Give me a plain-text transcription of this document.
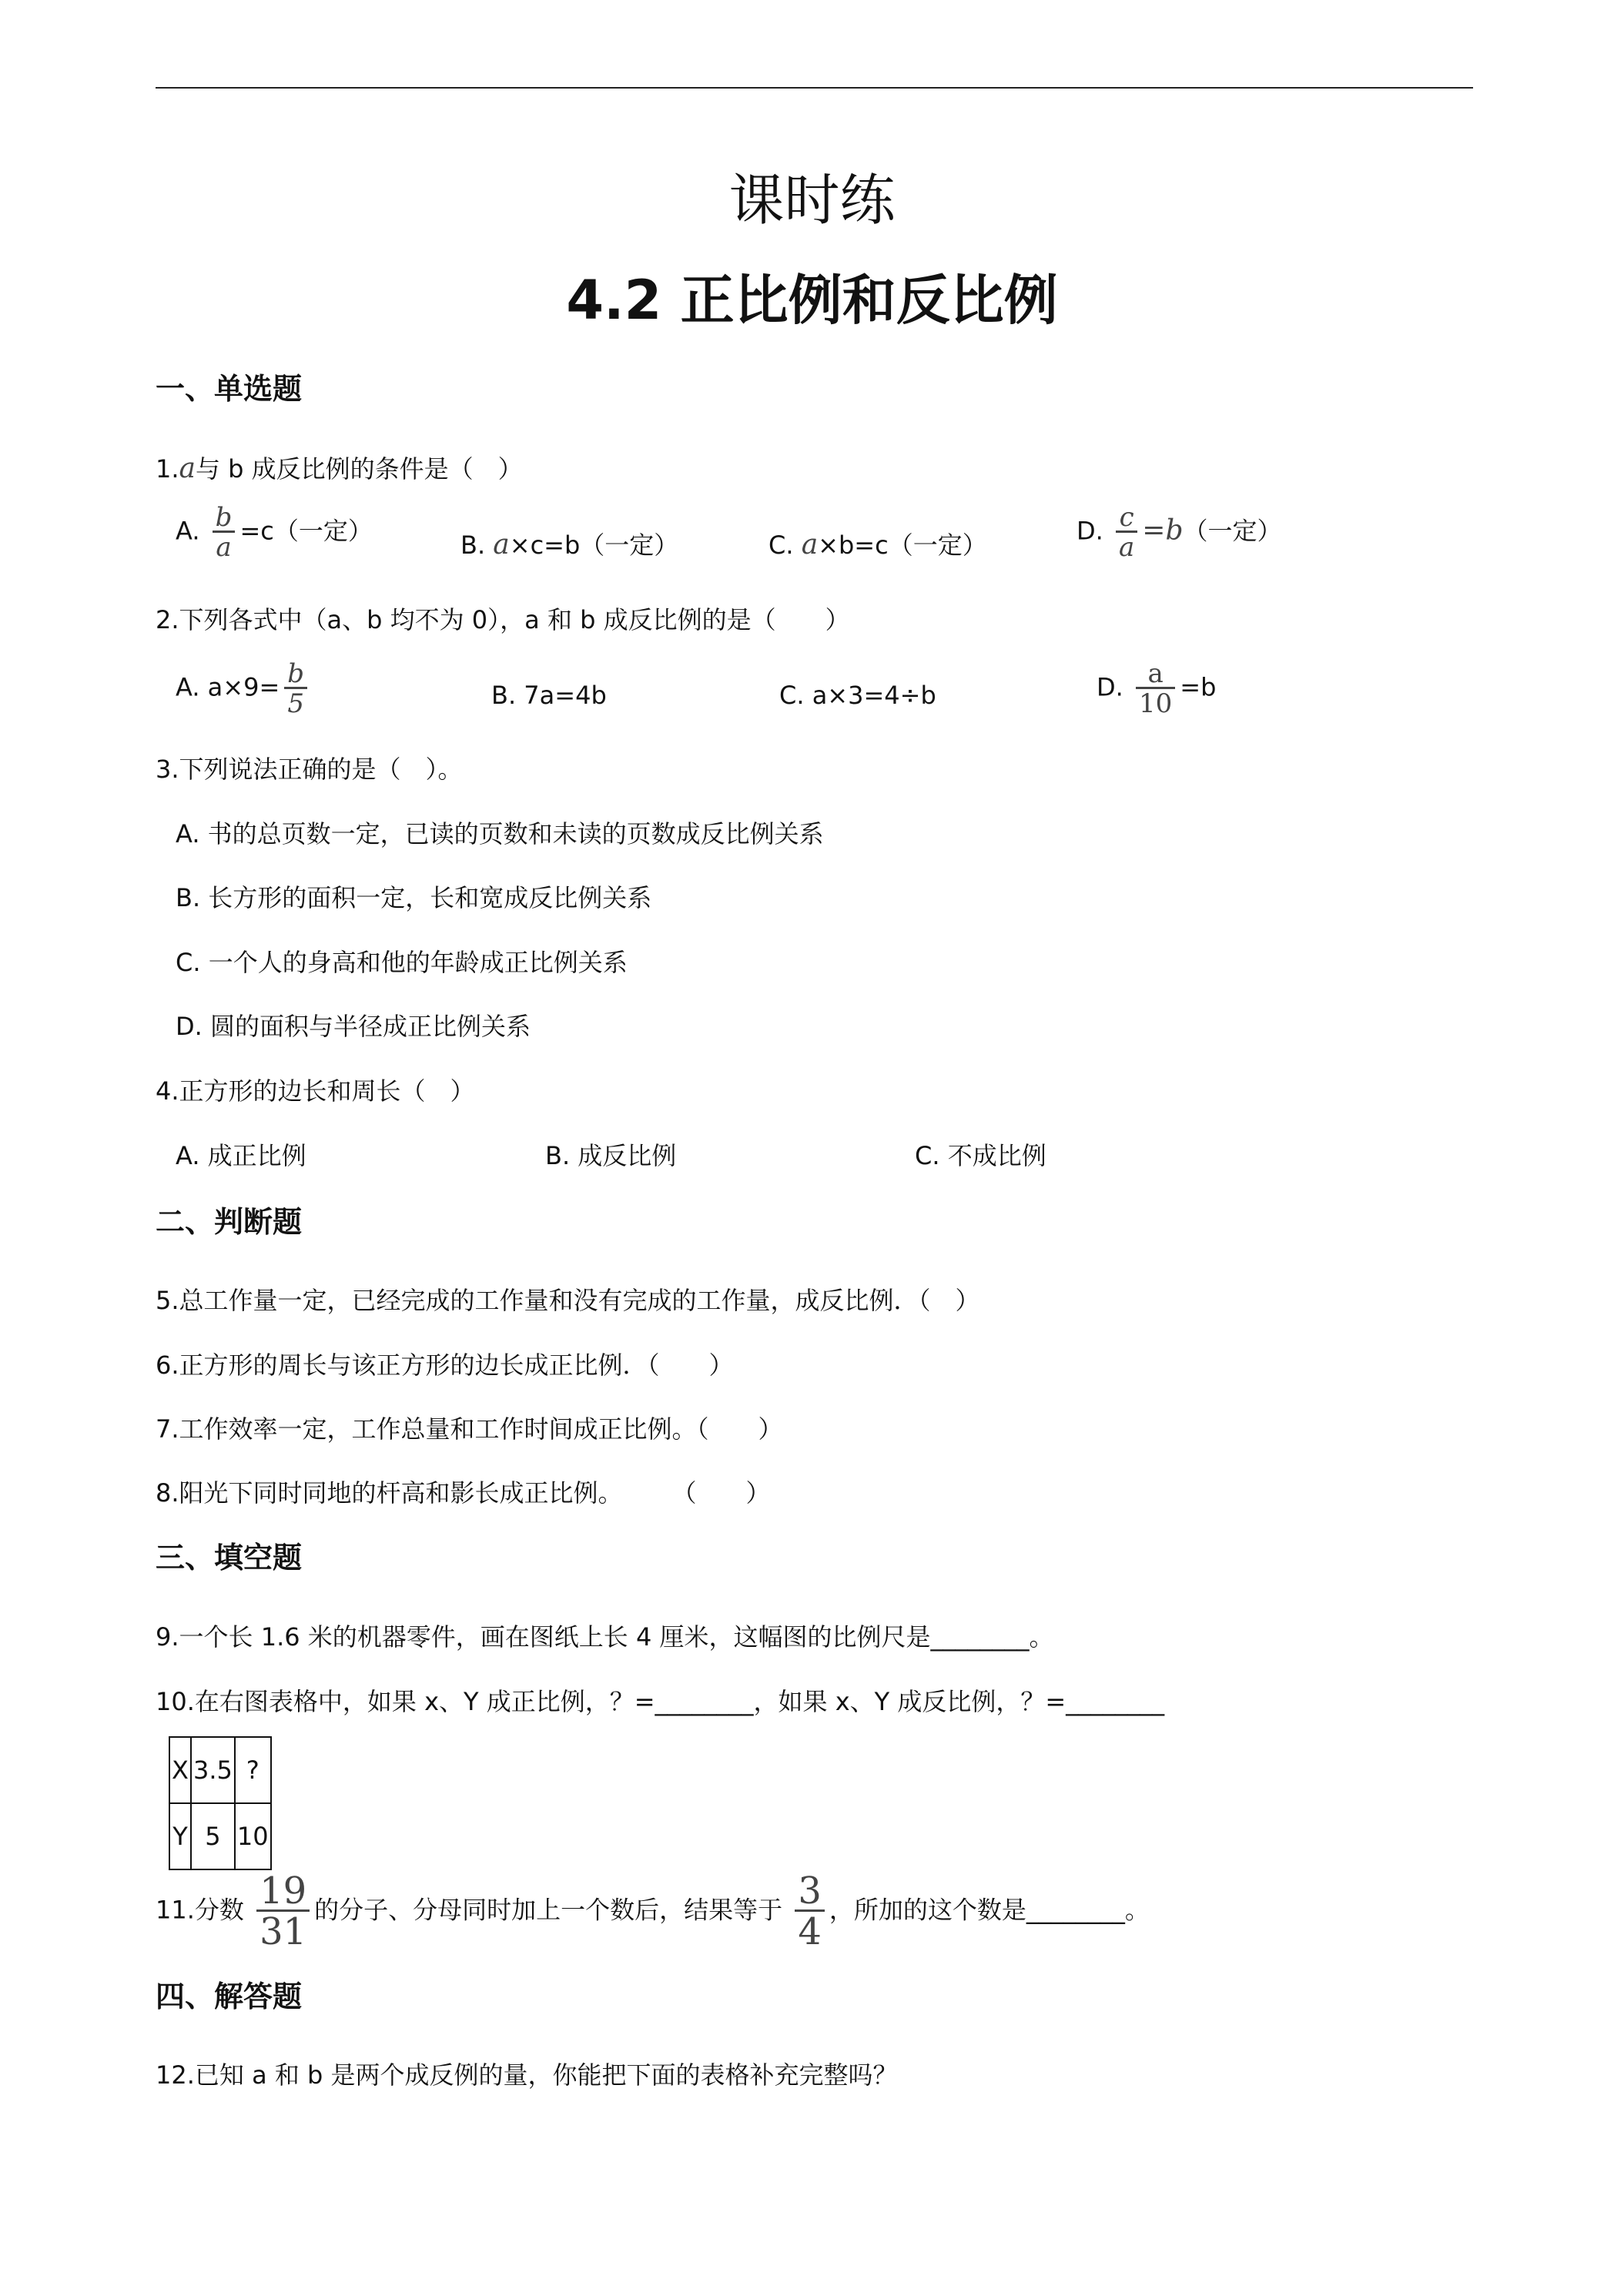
课时练
4.2 正比例和反比例
一、单选题
1.a与 b 成反比例的条件是（　）
A. $\frac{b}{a} =c$（一定）	B. a×c=b（一定）	C. a×b=c（一定）	D. $\frac{c}{a} =b$（一定）
2.下列各式中（a、b 均不为 0），a 和 b 成反比例的是（　　）
A. $a\times 9= \frac{b}{5}$	B. 7a=4b	C. a×3=4÷b	D. $\frac{a}{10} =b$
3.下列说法正确的是（　）。
A. 书的总页数一定，已读的页数和未读的页数成反比例关系
B. 长方形的面积一定，长和宽成反比例关系
C. 一个人的身高和他的年龄成正比例关系
D. 圆的面积与半径成正比例关系
4.正方形的边长和周长（　）
A. 成正比例	B. 成反比例	C. 不成比例
二、判断题
5.总工作量一定，已经完成的工作量和没有完成的工作量，成反比例．（　）
6.正方形的周长与该正方形的边长成正比例．（　　）
7.工作效率一定，工作总量和工作时间成正比例。（　　）
8.阳光下同时同地的杆高和影长成正比例。　　　（　　）
三、填空题
9.一个长 1.6 米的机器零件，画在图纸上长 4 厘米，这幅图的比例尺是________。
10.在右图表格中，如果 x、Y 成正比例，？=________，如果 x、Y 成反比例，？=________
X	3.5	?
Y	5	10
11.分数 $\frac{19}{31}$ 的分子、分母同时加上一个数后，结果等于 $\frac{3}{4}$ ，所加的这个数是________。
四、解答题
12.已知 a 和 b 是两个成反例的量，你能把下面的表格补充完整吗？
